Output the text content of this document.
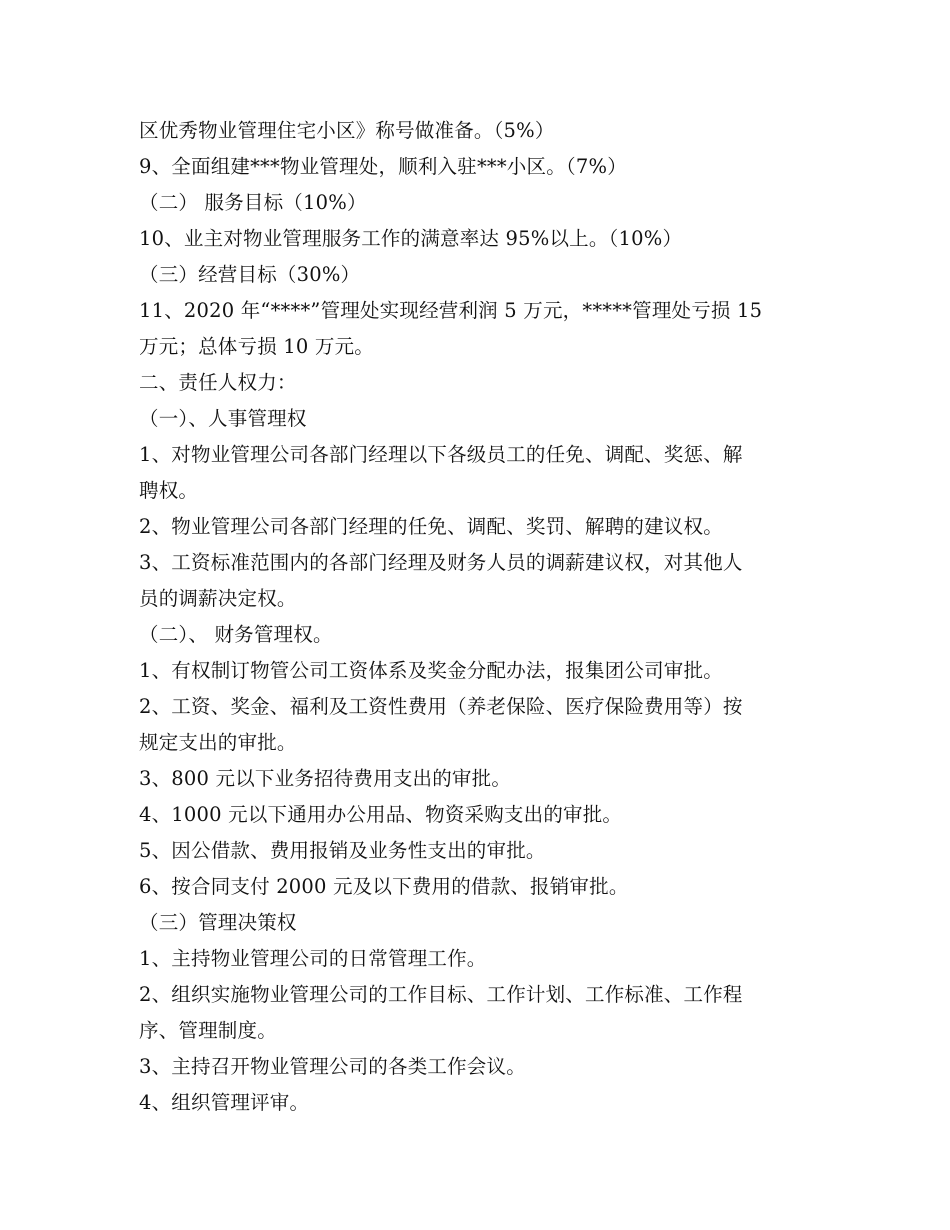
区优秀物业管理住宅小区》称号做准备。（5%）
9、全面组建***物业管理处，顺利入驻***小区。（7%）
（二） 服务目标（10%）
10、业主对物业管理服务工作的满意率达 95%以上。（10%）
（三）经营目标（30%）
11、2020 年“****”管理处实现经营利润 5 万元，*****管理处亏损 15
万元；总体亏损 10 万元。
二、责任人权力：
（一）、人事管理权
1、对物业管理公司各部门经理以下各级员工的任免、调配、奖惩、解
聘权。
2、物业管理公司各部门经理的任免、调配、奖罚、解聘的建议权。
3、工资标准范围内的各部门经理及财务人员的调薪建议权，对其他人
员的调薪决定权。
（二）、 财务管理权。
1、有权制订物管公司工资体系及奖金分配办法，报集团公司审批。
2、工资、奖金、福利及工资性费用（养老保险、医疗保险费用等）按
规定支出的审批。
3、800 元以下业务招待费用支出的审批。
4、1000 元以下通用办公用品、物资采购支出的审批。
5、因公借款、费用报销及业务性支出的审批。
6、按合同支付 2000 元及以下费用的借款、报销审批。
（三）管理决策权
1、主持物业管理公司的日常管理工作。
2、组织实施物业管理公司的工作目标、工作计划、工作标准、工作程
序、管理制度。
3、主持召开物业管理公司的各类工作会议。
4、组织管理评审。
